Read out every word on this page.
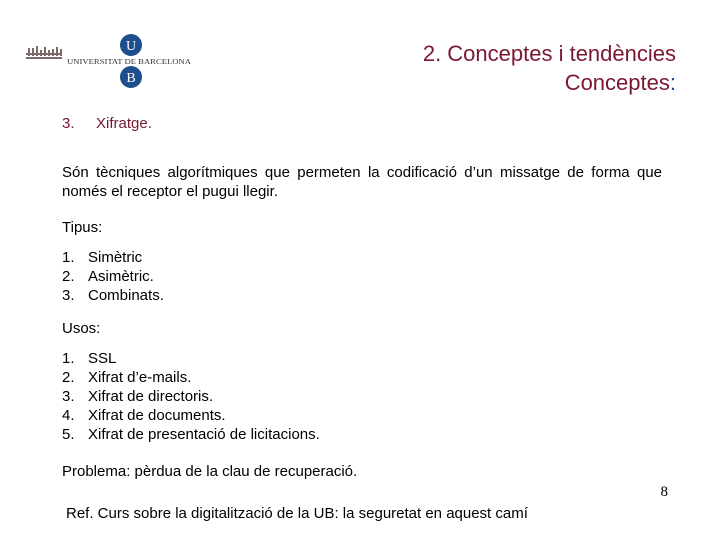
U
B
UNIVERSITAT DE BARCELONA	2. Conceptes i tendències
Conceptes:
3. Xifratge.
Són tècniques algorítmiques que permeten la codificació d’un missatge de forma que només el receptor el pugui llegir.
Tipus:
1. Simètric
2. Asimètric.
3. Combinats.
Usos:
1. SSL
2. Xifrat d’e-mails.
3. Xifrat de directoris.
4. Xifrat de documents.
5. Xifrat de presentació de licitacions.
Problema: pèrdua de la clau de recuperació.
8
Ref. Curs sobre la digitalització de la UB: la seguretat en aquest camí
